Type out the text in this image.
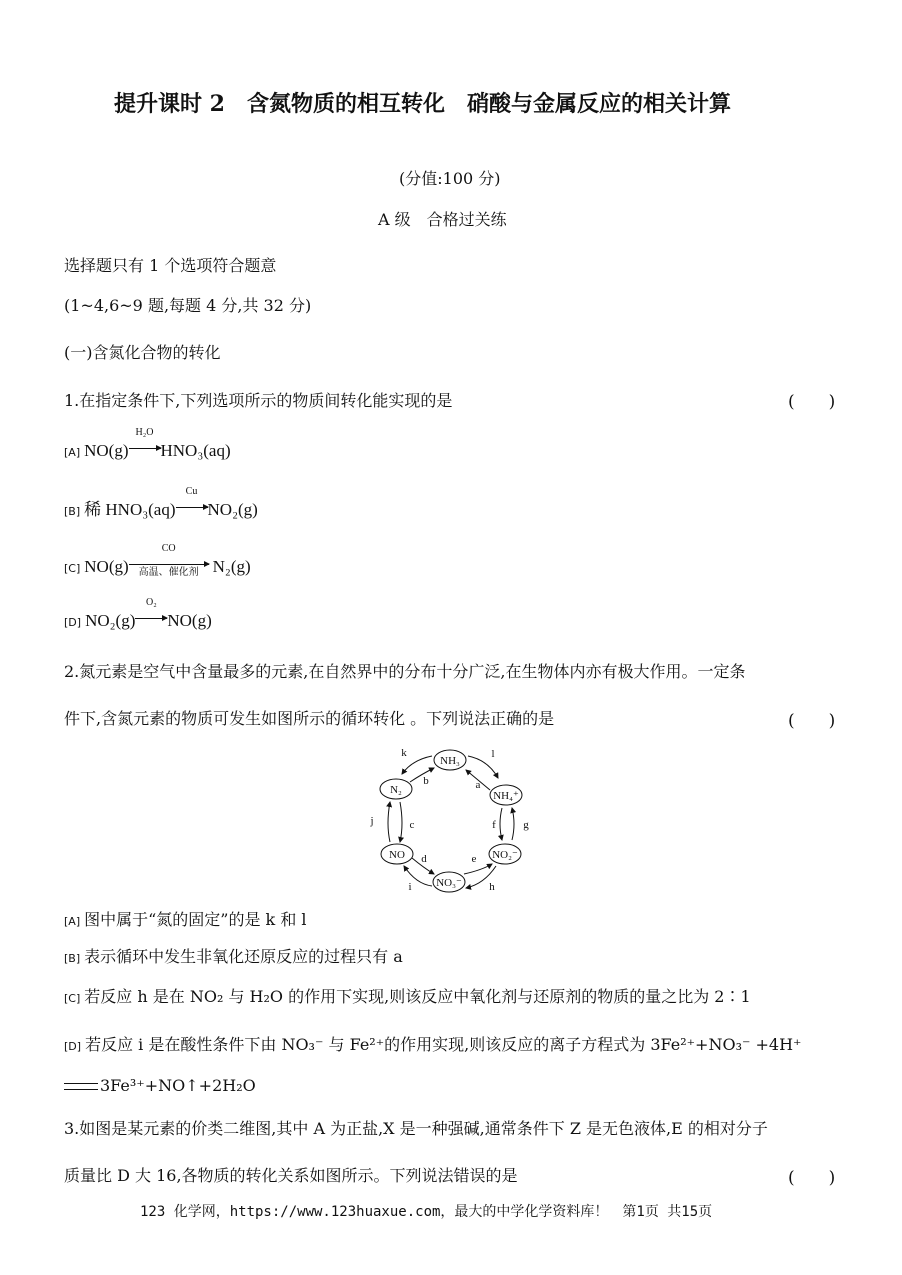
提升课时 2　含氮物质的相互转化　硝酸与金属反应的相关计算
(分值:100 分)
A 级　合格过关练
选择题只有 1 个选项符合题意
(1~4,6~9 题,每题 4 分,共 32 分)
(一)含氮化合物的转化
1.在指定条件下,下列选项所示的物质间转化能实现的是	(　　)
[A] NO(g)
H₂O
HNO₃(aq)
[B] 稀 HNO₃(aq)
Cu
NO₂(g)
[C] NO(g)
CO
高温、催化剂 N₂(g)
[D] NO₂(g)
O₂
NO(g)
2.氮元素是空气中含量最多的元素,在自然界中的分布十分广泛,在生物体内亦有极大作用。一定条
件下,含氮元素的物质可发生如图所示的循环转化 。下列说法正确的是	(　　)
NH₃
NH₄⁺
NO₂⁻
NO₃⁻
NO
N₂
k
b
l
a
f g
e
h
d
i
j	c
[A] 图中属于“氮的固定”的是 k 和 l
[B] 表示循环中发生非氧化还原反应的过程只有 a
[C] 若反应 h 是在 NO₂ 与 H₂O 的作用下实现,则该反应中氧化剂与还原剂的物质的量之比为 2∶1
[D] 若反应 i 是在酸性条件下由 NO₃⁻ 与 Fe²⁺的作用实现,则该反应的离子方程式为 3Fe²⁺+NO₃⁻ +4H⁺
3Fe³⁺+NO↑+2H₂O
3.如图是某元素的价类二维图,其中 A 为正盐,X 是一种强碱,通常条件下 Z 是无色液体,E 的相对分子
质量比 D 大 16,各物质的转化关系如图所示。下列说法错误的是	(　　)
123 化学网，https://www.123huaxue.com，最大的中学化学资料库！　第1页 共15页
